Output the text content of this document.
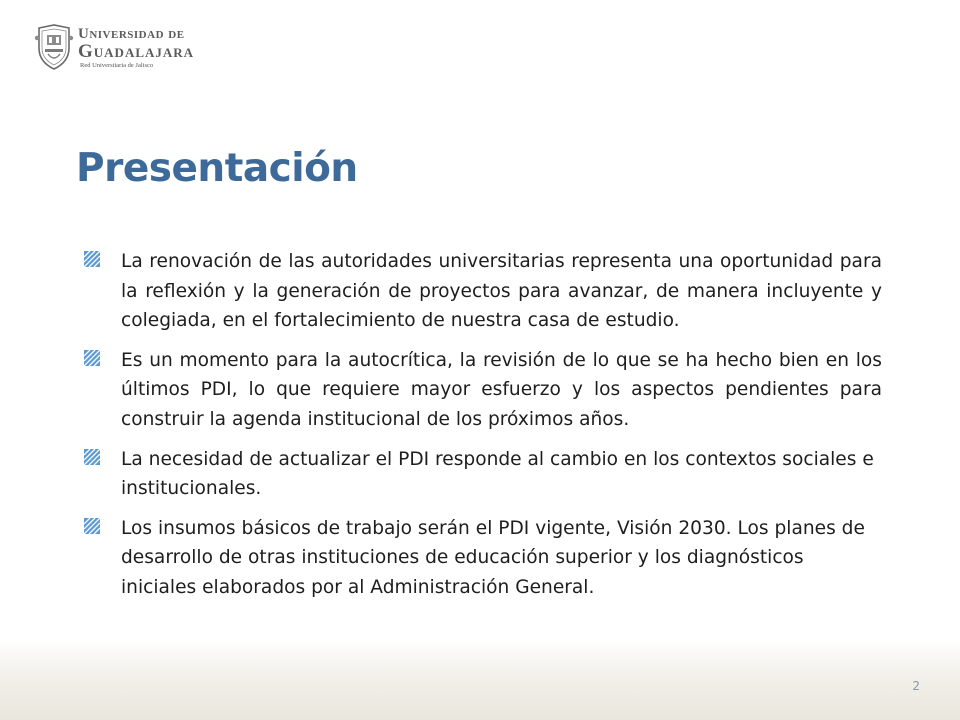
Universidad de
Guadalajara
Red Universitaria de Jalisco
Presentación

La renovación de las autoridades universitarias representa una oportunidad para la reflexión y la generación de proyectos para avanzar, de manera incluyente y colegiada, en el fortalecimiento de nuestra casa de estudio.

Es un momento para la autocrítica, la revisión de lo que se ha hecho bien en los últimos PDI, lo que requiere mayor esfuerzo y los aspectos pendientes para construir la agenda institucional de los próximos años.

La necesidad de actualizar el PDI responde al cambio en los contextos sociales e institucionales.

Los insumos básicos de trabajo serán el PDI vigente, Visión 2030. Los planes de desarrollo de otras instituciones de educación superior y los diagnósticos iniciales elaborados por al Administración General.

2
